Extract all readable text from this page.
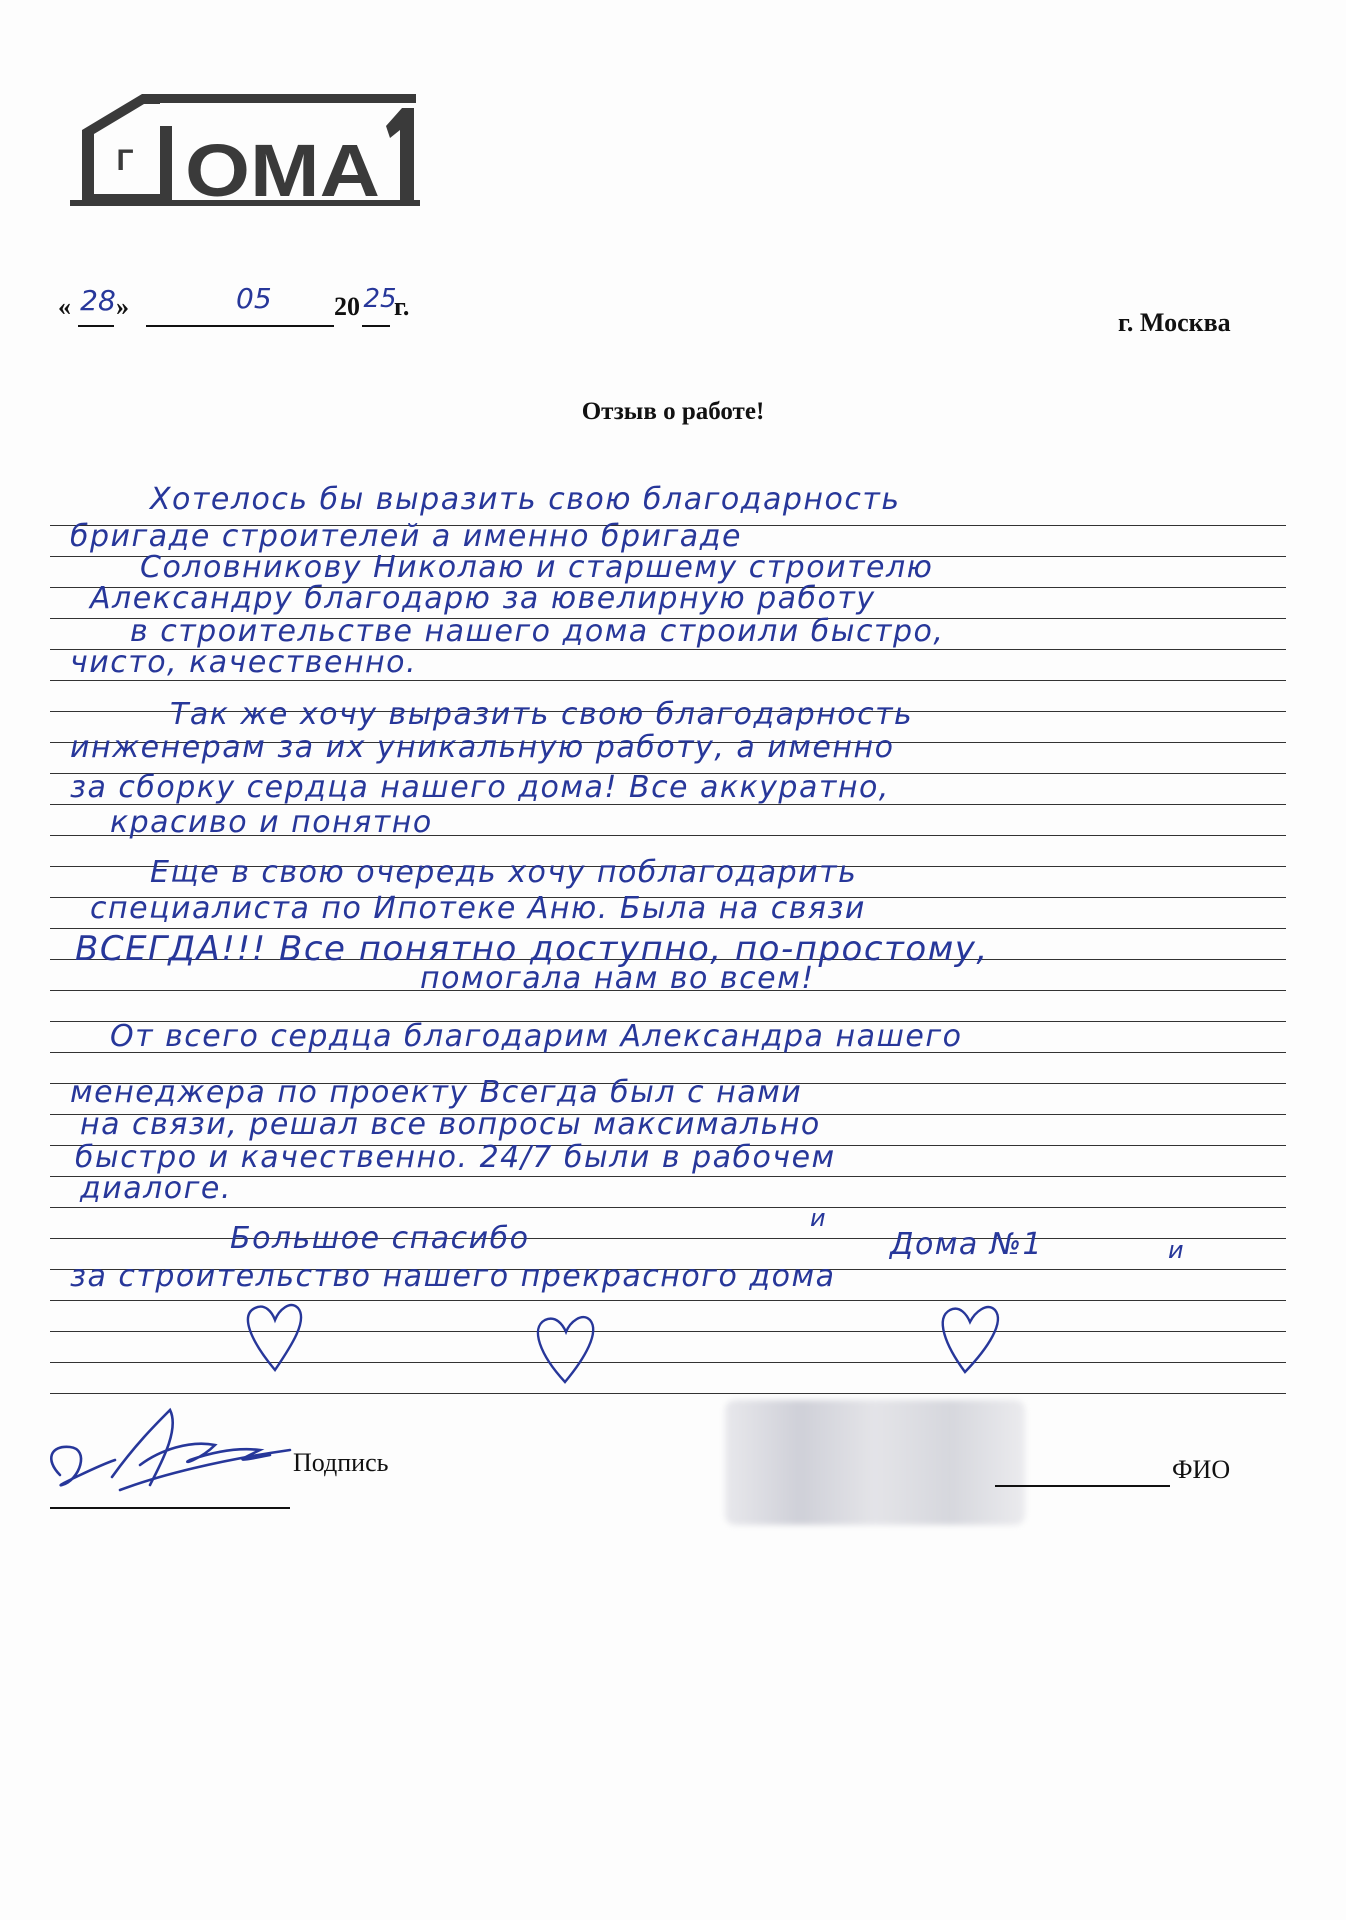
Г ОМА
1
« 28 »	05	20 25
г.
г. Москва
Отзыв о работе!
Хотелось бы выразить свою благодарность
бригаде строителей а именно бригаде
Соловникову Николаю и старшему строителю
Александру благодарю за ювелирную работу
в строительстве нашего дома строили быстро,
чисто, качественно.
Так же хочу выразить свою благодарность
инженерам за их уникальную работу, а именно
за сборку сердца нашего дома! Все аккуратно,
красиво и понятно
Еще в свою очередь хочу поблагодарить
специалиста по Ипотеке Аню. Была на связи
ВСЕГДА!!! Все понятно доступно, по-простому,
помогала нам во всем!
От всего сердца благодарим Александра нашего
менеджера по проекту Всегда был с нами
на связи, решал все вопросы максимально
быстро и качественно. 24/7 были в рабочем
диалоге.
Большое спасибо	Дома №1
за строительство нашего прекрасного дома
и
и
Подпись	ФИО
